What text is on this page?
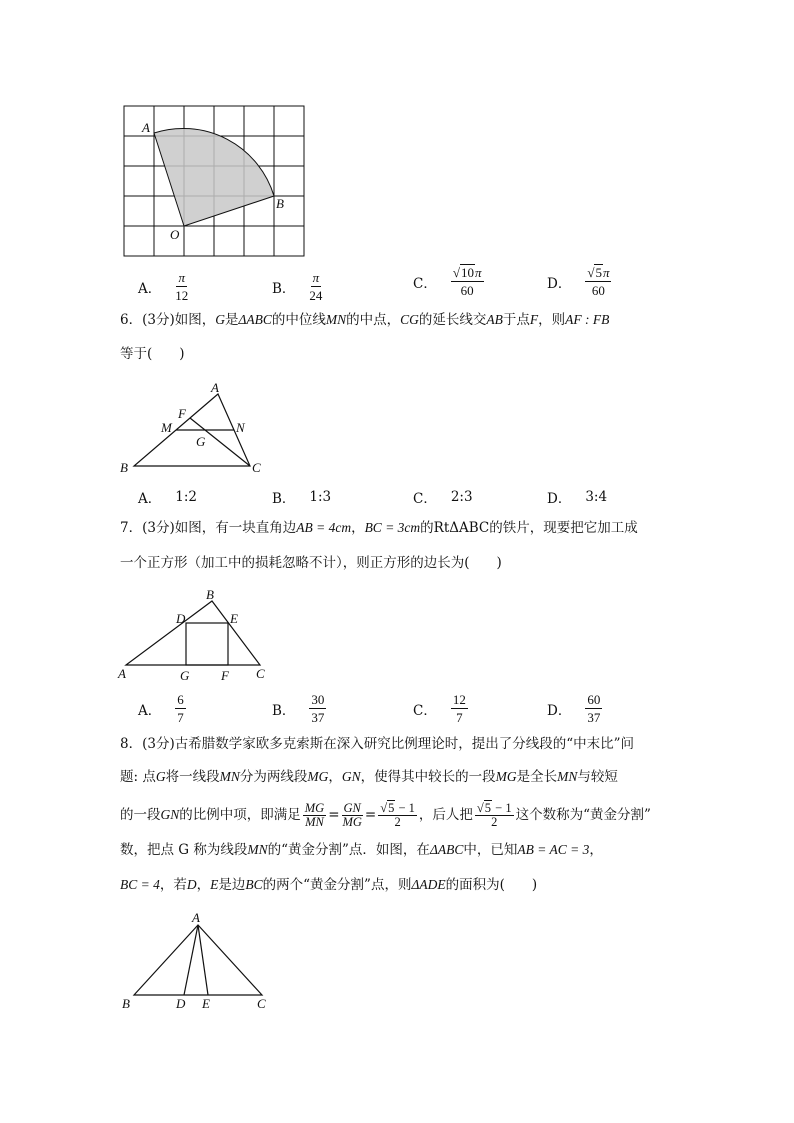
A
B
O
A． $\frac{\pi}{12}$	B． $\frac{\pi}{24}$	C． $\frac{√10\pi}{60}$	D． $\frac{√5\pi}{60}$
6．(3分)如图，G是ΔABC的中位线MN的中点，CG的延长线交AB于点F，则AF : FB
等于(　　)
A
F
M	N
G
B	C
A． 1:2	B． 1:3	C． 2:3	D． 3:4
7．(3分)如图，有一块直角边AB = 4cm，BC = 3cm的RtΔABC的铁片，现要把它加工成
一个正方形（加工中的损耗忽略不计），则正方形的边长为(　　)
B
D	E
A	G F C
A． $\frac{6}{7}$	B． $\frac{30}{37}$	C． $\frac{12}{7}$	D． $\frac{60}{37}$
8．(3分)古希腊数学家欧多克索斯在深入研究比例理论时，提出了分线段的“中末比”问
题: 点G将一线段MN分为两线段MG，GN，使得其中较长的一段MG是全长MN与较短
的一段GN的比例中项，即满足 $\frac{MG}{MN} = \frac{GN}{MG} = \frac{√5 - 1}{2}$ ，后人把 $\frac{√5 - 1}{2}$ 这个数称为“黄金分割”
数，把点 G 称为线段MN的“黄金分割”点．如图，在ΔABC中，已知AB = AC = 3，
BC = 4，若D，E是边BC的两个“黄金分割”点，则ΔADE的面积为(　　)
A
B	D E	C
